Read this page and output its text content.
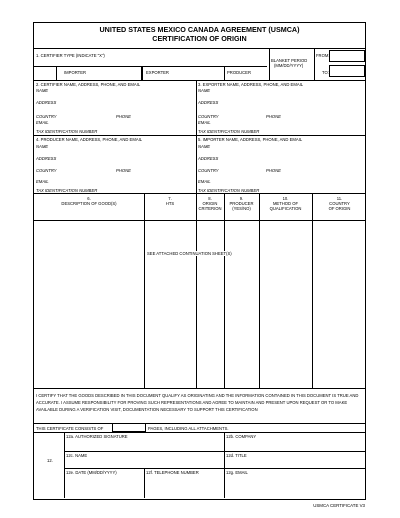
UNITED STATES MEXICO CANADA AGREEMENT (USMCA)
CERTIFICATION OF ORIGIN
1. CERTIFIER TYPE (INDICATE "X")
BLANKET PERIOD
(MM/DD/YYYY)
FROM:
TO:
IMPORTER	EXPORTER	PRODUCER
2. CERTIFIER NAME, ADDRESS, PHONE, AND EMAIL
NAME
ADDRESS
COUNTRY	PHONE
EMAIL
TAX IDENTIFICATION NUMBER
3. EXPORTER NAME, ADDRESS, PHONE, AND EMAIL
NAME
ADDRESS
COUNTRY	PHONE
EMAIL
TAX IDENTIFICATION NUMBER
4. PRODUCER NAME, ADDRESS, PHONE, AND EMAIL
NAME
ADDRESS
COUNTRY	PHONE
EMAIL
TAX IDENTIFICATION NUMBER
5. IMPORTER NAME, ADDRESS, PHONE, AND EMAIL
NAME
ADDRESS
COUNTRY	PHONE
EMAIL
TAX IDENTIFICATION NUMBER
6.
DESCRIPTION OF GOOD(S)
7.
HTS
8.
ORIGIN
CRITERION
9.
PRODUCER
(YES/NO)
10.
METHOD OF
QUALIFICATION
11.
COUNTRY
OF ORIGIN
SEE ATTACHED CONTINUATION SHEET(S)
I CERTIFY THAT THE GOODS DESCRIBED IN THIS DOCUMENT QUALIFY AS ORIGINATING AND THE INFORMATION CONTAINED IN THIS DOCUMENT IS TRUE AND ACCURATE. I ASSUME RESPONSIBILITY FOR PROVING SUCH REPRESENTATIONS AND AGREE TO MAINTAIN AND PRESENT UPON REQUEST OR TO MAKE AVAILABLE DURING A VERIFICATION VISIT, DOCUMENTATION NECESSARY TO SUPPORT THIS CERTIFICATION
THIS CERTIFICATE CONSISTS OF	PAGES, INCLUDING ALL ATTACHMENTS.
12.
12a. AUTHORIZED SIGNATURE	12b. COMPANY
12c. NAME	12d. TITLE
12e. DATE (MM/DD/YYYY)	12f. TELEPHONE NUMBER	12g. EMAIL
USMCA CERTIFICATE V3
